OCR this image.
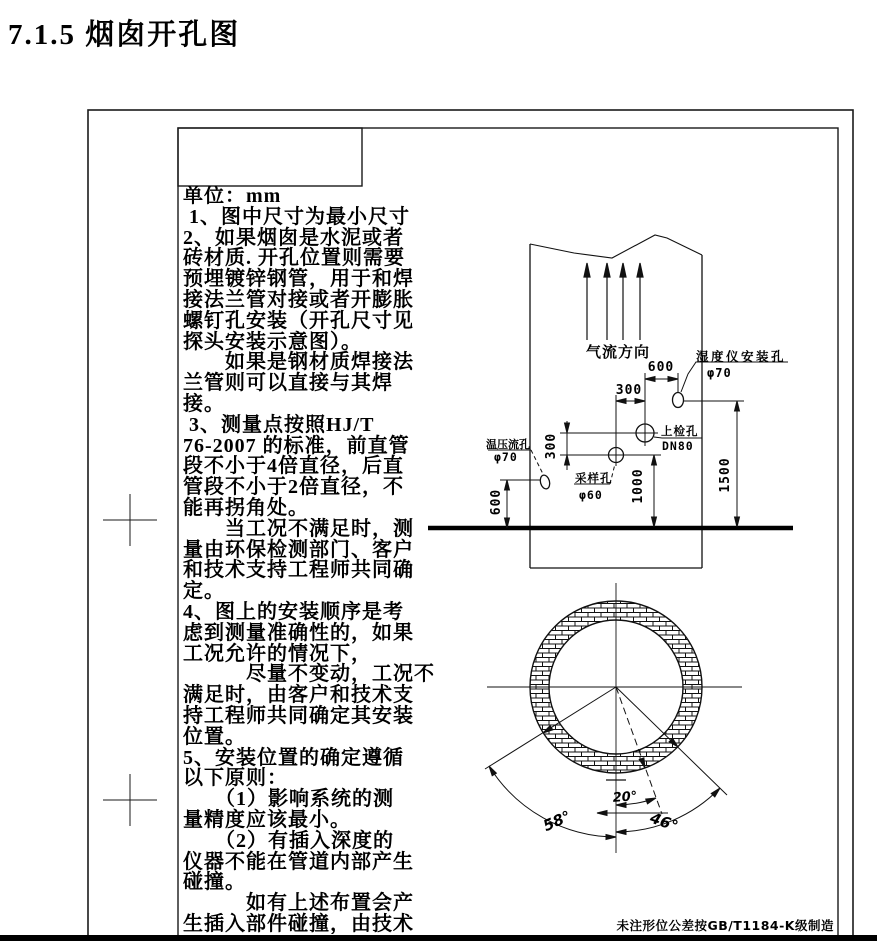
7.1.5 烟囱开孔图
单位：mm
1、图中尺寸为最小尺寸
2、如果烟囱是水泥或者
砖材质. 开孔位置则需要
预埋镀锌钢管，用于和焊
接法兰管对接或者开膨胀
螺钉孔安装（开孔尺寸见
探头安装示意图）。
　　如果是钢材质焊接法
兰管则可以直接与其焊
接。
3、测量点按照HJ/T
76-2007 的标准，前直管
段不小于4倍直径，后直
管段不小于2倍直径，不
能再拐角处。
　　当工况不满足时，测
量由环保检测部门、客户
和技术支持工程师共同确
定。
4、图上的安装顺序是考
虑到测量准确性的，如果
工况允许的情况下，
　　　尽量不变动，工况不
满足时，由客户和技术支
持工程师共同确定其安装
位置。
5、安装位置的确定遵循
以下原则：
　　（1）影响系统的测
量精度应该最小。
　　（2）有插入深度的
仪器不能在管道内部产生
碰撞。
　　　如有上述布置会产
生插入部件碰撞，由技术
气流方向	湿度仪安装孔
φ70
上检孔
DN80
采样孔
φ60
温压流孔
φ70
600
300
300
600	1000	1500
58°
20°
46°
未注形位公差按GB/T1184-K级制造
